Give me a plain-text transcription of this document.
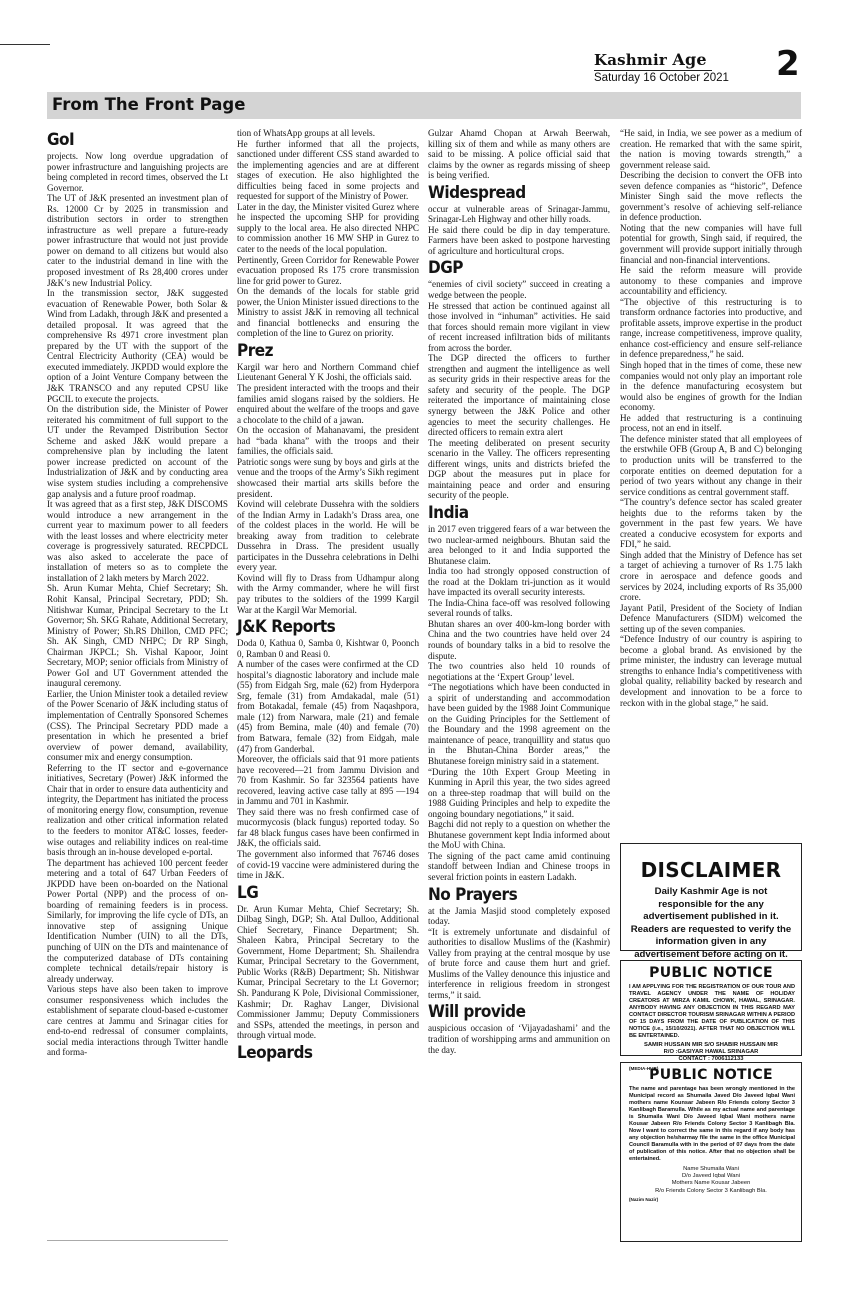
Kashmir Age
Saturday 16 October 2021	2
From The Front Page
GoI

projects. Now long overdue upgradation of power infrastructure and languishing projects are being completed in record times, observed the Lt Governor.

The UT of J&K presented an investment plan of Rs. 12000 Cr by 2025 in transmission and distribution sectors in order to strengthen infrastructure as well prepare a future-ready power infrastructure that would not just provide power on demand to all citizens but would also cater to the industrial demand in line with the proposed investment of Rs 28,400 crores under J&K’s new Industrial Policy.

In the transmission sector, J&K suggested evacuation of Renewable Power, both Solar & Wind from Ladakh, through J&K and presented a detailed proposal. It was agreed that the comprehensive Rs 4971 crore investment plan prepared by the UT with the support of the Central Electricity Authority (CEA) would be executed immediately. JKPDD would explore the option of a Joint Venture Company between the J&K TRANSCO and any reputed CPSU like PGCIL to execute the projects.

On the distribution side, the Minister of Power reiterated his commitment of full support to the UT under the Revamped Distribution Sector Scheme and asked J&K would prepare a comprehensive plan by including the latent power increase predicted on account of the Industrialization of J&K and by conducting area wise system studies including a comprehensive gap analysis and a future proof roadmap.

It was agreed that as a first step, J&K DISCOMS would introduce a new arrangement in the current year to maximum power to all feeders with the least losses and where electricity meter coverage is progressively saturated. RECPDCL was also asked to accelerate the pace of installation of meters so as to complete the installation of 2 lakh meters by March 2022.

Sh. Arun Kumar Mehta, Chief Secretary; Sh. Rohit Kansal, Principal Secretary, PDD; Sh. Nitishwar Kumar, Principal Secretary to the Lt Governor; Sh. SKG Rahate, Additional Secretary, Ministry of Power; Sh.RS Dhillon, CMD PFC; Sh. AK Singh, CMD NHPC; Dr RP Singh, Chairman JKPCL; Sh. Vishal Kapoor, Joint Secretary, MOP; senior officials from Ministry of Power GoI and UT Government attended the inaugural ceremony.

Earlier, the Union Minister took a detailed review of the Power Scenario of J&K including status of implementation of Centrally Sponsored Schemes (CSS). The Principal Secretary PDD made a presentation in which he presented a brief overview of power demand, availability, consumer mix and energy consumption.

Referring to the IT sector and e-governance initiatives, Secretary (Power) J&K informed the Chair that in order to ensure data authenticity and integrity, the Department has initiated the process of monitoring energy flow, consumption, revenue realization and other critical information related to the feeders to monitor AT&C losses, feeder-wise outages and reliability indices on real-time basis through an in-house developed e-portal.

The department has achieved 100 percent feeder metering and a total of 647 Urban Feeders of JKPDD have been on-boarded on the National Power Portal (NPP) and the process of on-boarding of remaining feeders is in process. Similarly, for improving the life cycle of DTs, an innovative step of assigning Unique Identification Number (UIN) to all the DTs, punching of UIN on the DTs and maintenance of the computerized database of DTs containing complete technical details/repair history is already underway.

Various steps have also been taken to improve consumer responsiveness which includes the establishment of separate cloud-based e-customer care centres at Jammu and Srinagar cities for end-to-end redressal of consumer complaints, social media interactions through Twitter handle and forma-

tion of WhatsApp groups at all levels.

He further informed that all the projects, sanctioned under different CSS stand awarded to the implementing agencies and are at different stages of execution. He also highlighted the difficulties being faced in some projects and requested for support of the Ministry of Power.

Later in the day, the Minister visited Gurez where he inspected the upcoming SHP for providing supply to the local area. He also directed NHPC to commission another 16 MW SHP in Gurez to cater to the needs of the local population.

Pertinently, Green Corridor for Renewable Power evacuation proposed Rs 175 crore transmission line for grid power to Gurez.

On the demands of the locals for stable grid power, the Union Minister issued directions to the Ministry to assist J&K in removing all technical and financial bottlenecks and ensuring the completion of the line to Gurez on priority.

Prez

Kargil war hero and Northern Command chief Lieutenant General Y K Joshi, the officials said.

The president interacted with the troops and their families amid slogans raised by the soldiers. He enquired about the welfare of the troops and gave a chocolate to the child of a jawan.

On the occasion of Mahanavami, the president had “bada khana” with the troops and their families, the officials said.

Patriotic songs were sung by boys and girls at the venue and the troops of the Army’s Sikh regiment showcased their martial arts skills before the president.

Kovind will celebrate Dussehra with the soldiers of the Indian Army in Ladakh’s Drass area, one of the coldest places in the world. He will be breaking away from tradition to celebrate Dussehra in Drass. The president usually participates in the Dussehra celebrations in Delhi every year.

Kovind will fly to Drass from Udhampur along with the Army commander, where he will first pay tributes to the soldiers of the 1999 Kargil War at the Kargil War Memorial.

J&K Reports

Doda 0, Kathua 0, Samba 0, Kishtwar 0, Poonch 0, Ramban 0 and Reasi 0.

A number of the cases were confirmed at the CD hospital’s diagnostic laboratory and include male (55) from Eidgah Srg, male (62) from Hyderpora Srg, female (31) from Amdakadal, male (51) from Botakadal, female (45) from Naqashpora, male (12) from Narwara, male (21) and female (45) from Bemina, male (40) and female (70) from Batwara, female (32) from Eidgah, male (47) from Ganderbal.

Moreover, the officials said that 91 more patients have recovered—21 from Jammu Division and 70 from Kashmir. So far 323564 patients have recovered, leaving active case tally at 895 —194 in Jammu and 701 in Kashmir.

They said there was no fresh confirmed case of mucormycosis (black fungus) reported today. So far 48 black fungus cases have been confirmed in J&K, the officials said.

The government also informed that 76746 doses of covid-19 vaccine were administered during the time in J&K.

LG

Dr. Arun Kumar Mehta, Chief Secretary; Sh. Dilbag Singh, DGP; Sh. Atal Dulloo, Additional Chief Secretary, Finance Department; Sh. Shaleen Kabra, Principal Secretary to the Government, Home Department; Sh. Shailendra Kumar, Principal Secretary to the Government, Public Works (R&B) Department; Sh. Nitishwar Kumar, Principal Secretary to the Lt Governor; Sh. Pandurang K Pole, Divisional Commissioner, Kashmir; Dr. Raghav Langer, Divisional Commissioner Jammu; Deputy Commissioners and SSPs, attended the meetings, in person and through virtual mode.

Leopards

Gulzar Ahamd Chopan at Arwah Beerwah, killing six of them and while as many others are said to be missing. A police official said that claims by the owner as regards missing of sheep is being verified.

Widespread

occur at vulnerable areas of Srinagar-Jammu, Srinagar-Leh Highway and other hilly roads.

He said there could be dip in day temperature. Farmers have been asked to postpone harvesting of agriculture and horticultural crops.

DGP

“enemies of civil society” succeed in creating a wedge between the people.

He stressed that action be continued against all those involved in “inhuman” activities. He said that forces should remain more vigilant in view of recent increased infiltration bids of militants from across the border.

The DGP directed the officers to further strengthen and augment the intelligence as well as security grids in their respective areas for the safety and security of the people. The DGP reiterated the importance of maintaining close synergy between the J&K Police and other agencies to meet the security challenges. He directed officers to remain extra alert

The meeting deliberated on present security scenario in the Valley. The officers representing different wings, units and districts briefed the DGP about the measures put in place for maintaining peace and order and ensuring security of the people.

India

in 2017 even triggered fears of a war between the two nuclear-armed neighbours. Bhutan said the area belonged to it and India supported the Bhutanese claim.

India too had strongly opposed construction of the road at the Doklam tri-junction as it would have impacted its overall security interests.

The India-China face-off was resolved following several rounds of talks.

Bhutan shares an over 400-km-long border with China and the two countries have held over 24 rounds of boundary talks in a bid to resolve the dispute.

The two countries also held 10 rounds of negotiations at the ‘Expert Group’ level.

“The negotiations which have been conducted in a spirit of understanding and accommodation have been guided by the 1988 Joint Communique on the Guiding Principles for the Settlement of the Boundary and the 1998 agreement on the maintenance of peace, tranquillity and status quo in the Bhutan-China Border areas,” the Bhutanese foreign ministry said in a statement.

“During the 10th Expert Group Meeting in Kunming in April this year, the two sides agreed on a three-step roadmap that will build on the 1988 Guiding Principles and help to expedite the ongoing boundary negotiations,” it said.

Bagchi did not reply to a question on whether the Bhutanese government kept India informed about the MoU with China.

The signing of the pact came amid continuing standoff between Indian and Chinese troops in several friction points in eastern Ladakh.

No Prayers

at the Jamia Masjid stood completely exposed today.

“It is extremely unfortunate and disdainful of authorities to disallow Muslims of the (Kashmir) Valley from praying at the central mosque by use of brute force and cause them hurt and grief. Muslims of the Valley denounce this injustice and interference in religious freedom in strongest terms,” it said.

Will provide

auspicious occasion of ‘Vijayadashami’ and the tradition of worshipping arms and ammunition on the day.

“He said, in India, we see power as a medium of creation. He remarked that with the same spirit, the nation is moving towards strength,” a government release said.

Describing the decision to convert the OFB into seven defence companies as “historic”, Defence Minister Singh said the move reflects the government’s resolve of achieving self-reliance in defence production.

Noting that the new companies will have full potential for growth, Singh said, if required, the government will provide support initially through financial and non-financial interventions.

He said the reform measure will provide autonomy to these companies and improve accountability and efficiency.

“The objective of this restructuring is to transform ordnance factories into productive, and profitable assets, improve expertise in the product range, increase competitiveness, improve quality, enhance cost-efficiency and ensure self-reliance in defence preparedness,” he said.

Singh hoped that in the times of come, these new companies would not only play an important role in the defence manufacturing ecosystem but would also be engines of growth for the Indian economy.

He added that restructuring is a continuing process, not an end in itself.

The defence minister stated that all employees of the erstwhile OFB (Group A, B and C) belonging to production units will be transferred to the corporate entities on deemed deputation for a period of two years without any change in their service conditions as central government staff.

“The country’s defence sector has scaled greater heights due to the reforms taken by the government in the past few years. We have created a conducive ecosystem for exports and FDI,” he said.

Singh added that the Ministry of Defence has set a target of achieving a turnover of Rs 1.75 lakh crore in aerospace and defence goods and services by 2024, including exports of Rs 35,000 crore.

Jayant Patil, President of the Society of Indian Defence Manufacturers (SIDM) welcomed the setting up of the seven companies.

“Defence Industry of our country is aspiring to become a global brand. As envisioned by the prime minister, the industry can leverage mutual strengths to enhance India’s competitiveness with global quality, reliability backed by research and development and innovation to be a force to reckon with in the global stage,” he said.

DISCLAIMER
Daily Kashmir Age is not responsible for the any advertisement published in it. Readers are requested to verify the information given in any advertisement before acting on it.
PUBLIC NOTICE
I AM APPLYING FOR THE REGISTRATION OF OUR TOUR AND TRAVEL AGENCY UNDER THE NAME OF HOLIDAY CREATORS AT MIRZA KAMIL CHOWK, HAWAL, SRINAGAR. ANYBODY HAVING ANY OBJECTION IN THIS REGARD MAY CONTACT DIRECTOR TOURISM SRINAGAR WITHIN A PERIOD OF 15 DAYS FROM THE DATE OF PUBLICATION OF THIS NOTICE (i.e., 15/10/2021). AFTER THAT NO OBJECTION WILL BE ENTERTAINED.
SAMIR HUSSAIN MIR S/O SHABIR HUSSAIN MIR
R/O :GASIYAR HAWAL SRINAGAR
CONTACT : 7006112133
(MEDIA-HUB)
PUBLIC NOTICE
The name and parentage has been wrongly mentioned in the Municipal record as Shumaila Javed D/o Javeed Iqbal Wani mothers name Kounsar Jabeen R/o Friends colony Sector 3 Kanlibagh Baramulla. While as my actual name and parentage is Shumaila Wani D/o Javeed Iqbal Wani mothers name Kousar Jabeen R/o Friends Colony Sector 3 Kanlibagh Bla. Now I want to correct the same in this regard if any body has any objection he/sharmay file the same in the office Municipal Council Baramulla with in the period of 07 days from the date of publication of this notice. After that no objection shall be entertained.
Name Shumaila Wani
D/o Javeed Iqbal Wani
Mothers Name Kousar Jabeen
R/o Friends Colony Sector 3 Kanlibagh Bla.
(Nazim Nazir)
